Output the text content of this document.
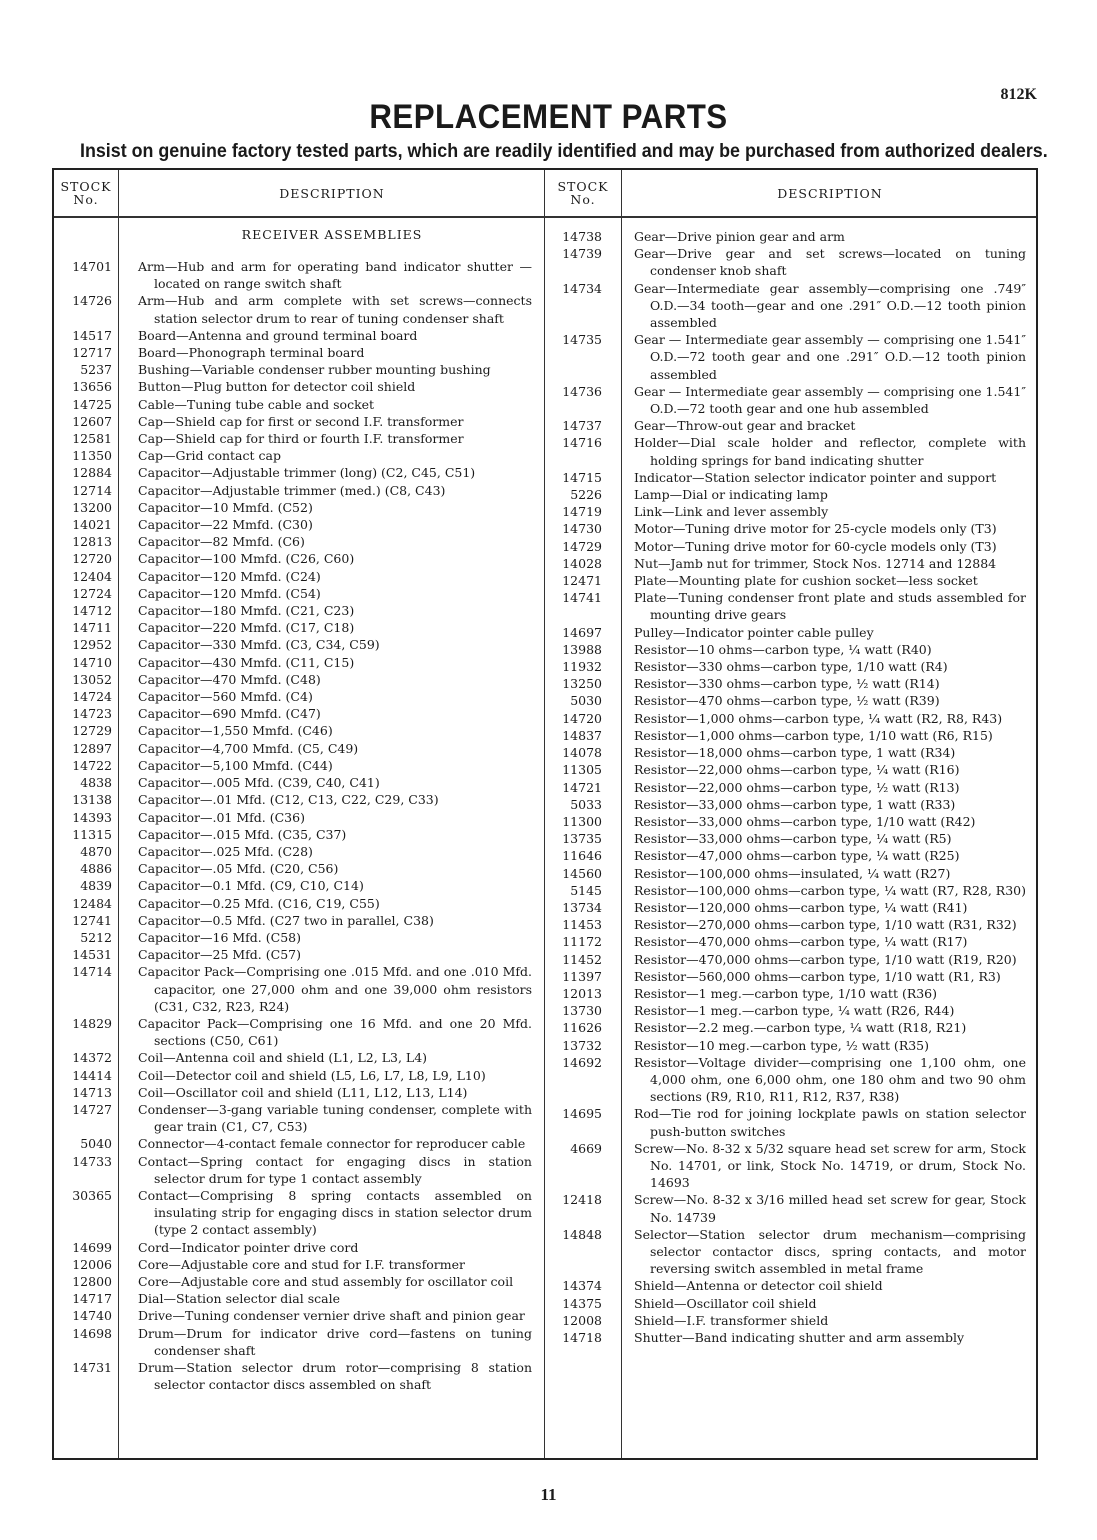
812K
REPLACEMENT PARTS
Insist on genuine factory tested parts, which are readily identified and may be purchased from authorized dealers.
STOCK No.	DESCRIPTION	STOCK No.	DESCRIPTION
RECEIVER ASSEMBLIES
14701	Arm—Hub and arm for operating band indicator shutter —located on range switch shaft
14726	Arm—Hub and arm complete with set screws—connects station selector drum to rear of tuning condenser shaft
14517	Board—Antenna and ground terminal board
12717	Board—Phonograph terminal board
5237	Bushing—Variable condenser rubber mounting bushing
13656	Button—Plug button for detector coil shield
14725	Cable—Tuning tube cable and socket
12607	Cap—Shield cap for first or second I.F. transformer
12581	Cap—Shield cap for third or fourth I.F. transformer
11350	Cap—Grid contact cap
12884	Capacitor—Adjustable trimmer (long) (C2, C45, C51)
12714	Capacitor—Adjustable trimmer (med.) (C8, C43)
13200	Capacitor—10 Mmfd. (C52)
14021	Capacitor—22 Mmfd. (C30)
12813	Capacitor—82 Mmfd. (C6)
12720	Capacitor—100 Mmfd. (C26, C60)
12404	Capacitor—120 Mmfd. (C24)
12724	Capacitor—120 Mmfd. (C54)
14712	Capacitor—180 Mmfd. (C21, C23)
14711	Capacitor—220 Mmfd. (C17, C18)
12952	Capacitor—330 Mmfd. (C3, C34, C59)
14710	Capacitor—430 Mmfd. (C11, C15)
13052	Capacitor—470 Mmfd. (C48)
14724	Capacitor—560 Mmfd. (C4)
14723	Capacitor—690 Mmfd. (C47)
12729	Capacitor—1,550 Mmfd. (C46)
12897	Capacitor—4,700 Mmfd. (C5, C49)
14722	Capacitor—5,100 Mmfd. (C44)
4838	Capacitor—.005 Mfd. (C39, C40, C41)
13138	Capacitor—.01 Mfd. (C12, C13, C22, C29, C33)
14393	Capacitor—.01 Mfd. (C36)
11315	Capacitor—.015 Mfd. (C35, C37)
4870	Capacitor—.025 Mfd. (C28)
4886	Capacitor—.05 Mfd. (C20, C56)
4839	Capacitor—0.1 Mfd. (C9, C10, C14)
12484	Capacitor—0.25 Mfd. (C16, C19, C55)
12741	Capacitor—0.5 Mfd. (C27 two in parallel, C38)
5212	Capacitor—16 Mfd. (C58)
14531	Capacitor—25 Mfd. (C57)
14714	Capacitor Pack—Comprising one .015 Mfd. and one .010 Mfd. capacitor, one 27,000 ohm and one 39,000 ohm resistors (C31, C32, R23, R24)
14829	Capacitor Pack—Comprising one 16 Mfd. and one 20 Mfd. sections (C50, C61)
14372	Coil—Antenna coil and shield (L1, L2, L3, L4)
14414	Coil—Detector coil and shield (L5, L6, L7, L8, L9, L10)
14713	Coil—Oscillator coil and shield (L11, L12, L13, L14)
14727	Condenser—3-gang variable tuning condenser, complete with gear train (C1, C7, C53)
5040	Connector—4-contact female connector for reproducer cable
14733	Contact—Spring contact for engaging discs in station selector drum for type 1 contact assembly
30365	Contact—Comprising 8 spring contacts assembled on insulating strip for engaging discs in station selector drum (type 2 contact assembly)
14699	Cord—Indicator pointer drive cord
12006	Core—Adjustable core and stud for I.F. transformer
12800	Core—Adjustable core and stud assembly for oscillator coil
14717	Dial—Station selector dial scale
14740	Drive—Tuning condenser vernier drive shaft and pinion gear
14698	Drum—Drum for indicator drive cord—fastens on tuning condenser shaft
14731	Drum—Station selector drum rotor—comprising 8 station selector contactor discs assembled on shaft
14738	Gear—Drive pinion gear and arm
14739	Gear—Drive gear and set screws—located on tuning condenser knob shaft
14734	Gear—Intermediate gear assembly—comprising one .749″ O.D.—34 tooth—gear and one .291″ O.D.—12 tooth pinion assembled
14735	Gear — Intermediate gear assembly — comprising one 1.541″ O.D.—72 tooth gear and one .291″ O.D.—12 tooth pinion assembled
14736	Gear — Intermediate gear assembly — comprising one 1.541″ O.D.—72 tooth gear and one hub assembled
14737	Gear—Throw-out gear and bracket
14716	Holder—Dial scale holder and reflector, complete with holding springs for band indicating shutter
14715	Indicator—Station selector indicator pointer and support
5226	Lamp—Dial or indicating lamp
14719	Link—Link and lever assembly
14730	Motor—Tuning drive motor for 25-cycle models only (T3)
14729	Motor—Tuning drive motor for 60-cycle models only (T3)
14028	Nut—Jamb nut for trimmer, Stock Nos. 12714 and 12884
12471	Plate—Mounting plate for cushion socket—less socket
14741	Plate—Tuning condenser front plate and studs assembled for mounting drive gears
14697	Pulley—Indicator pointer cable pulley
13988	Resistor—10 ohms—carbon type, ¼ watt (R40)
11932	Resistor—330 ohms—carbon type, 1/10 watt (R4)
13250	Resistor—330 ohms—carbon type, ½ watt (R14)
5030	Resistor—470 ohms—carbon type, ½ watt (R39)
14720	Resistor—1,000 ohms—carbon type, ¼ watt (R2, R8, R43)
14837	Resistor—1,000 ohms—carbon type, 1/10 watt (R6, R15)
14078	Resistor—18,000 ohms—carbon type, 1 watt (R34)
11305	Resistor—22,000 ohms—carbon type, ¼ watt (R16)
14721	Resistor—22,000 ohms—carbon type, ½ watt (R13)
5033	Resistor—33,000 ohms—carbon type, 1 watt (R33)
11300	Resistor—33,000 ohms—carbon type, 1/10 watt (R42)
13735	Resistor—33,000 ohms—carbon type, ¼ watt (R5)
11646	Resistor—47,000 ohms—carbon type, ¼ watt (R25)
14560	Resistor—100,000 ohms—insulated, ¼ watt (R27)
5145	Resistor—100,000 ohms—carbon type, ¼ watt (R7, R28, R30)
13734	Resistor—120,000 ohms—carbon type, ¼ watt (R41)
11453	Resistor—270,000 ohms—carbon type, 1/10 watt (R31, R32)
11172	Resistor—470,000 ohms—carbon type, ¼ watt (R17)
11452	Resistor—470,000 ohms—carbon type, 1/10 watt (R19, R20)
11397	Resistor—560,000 ohms—carbon type, 1/10 watt (R1, R3)
12013	Resistor—1 meg.—carbon type, 1/10 watt (R36)
13730	Resistor—1 meg.—carbon type, ¼ watt (R26, R44)
11626	Resistor—2.2 meg.—carbon type, ¼ watt (R18, R21)
13732	Resistor—10 meg.—carbon type, ½ watt (R35)
14692	Resistor—Voltage divider—comprising one 1,100 ohm, one 4,000 ohm, one 6,000 ohm, one 180 ohm and two 90 ohm sections (R9, R10, R11, R12, R37, R38)
14695	Rod—Tie rod for joining lockplate pawls on station selector push-button switches
4669	Screw—No. 8-32 x 5/32 square head set screw for arm, Stock No. 14701, or link, Stock No. 14719, or drum, Stock No. 14693
12418	Screw—No. 8-32 x 3/16 milled head set screw for gear, Stock No. 14739
14848	Selector—Station selector drum mechanism—comprising selector contactor discs, spring contacts, and motor reversing switch assembled in metal frame
14374	Shield—Antenna or detector coil shield
14375	Shield—Oscillator coil shield
12008	Shield—I.F. transformer shield
14718	Shutter—Band indicating shutter and arm assembly
11
